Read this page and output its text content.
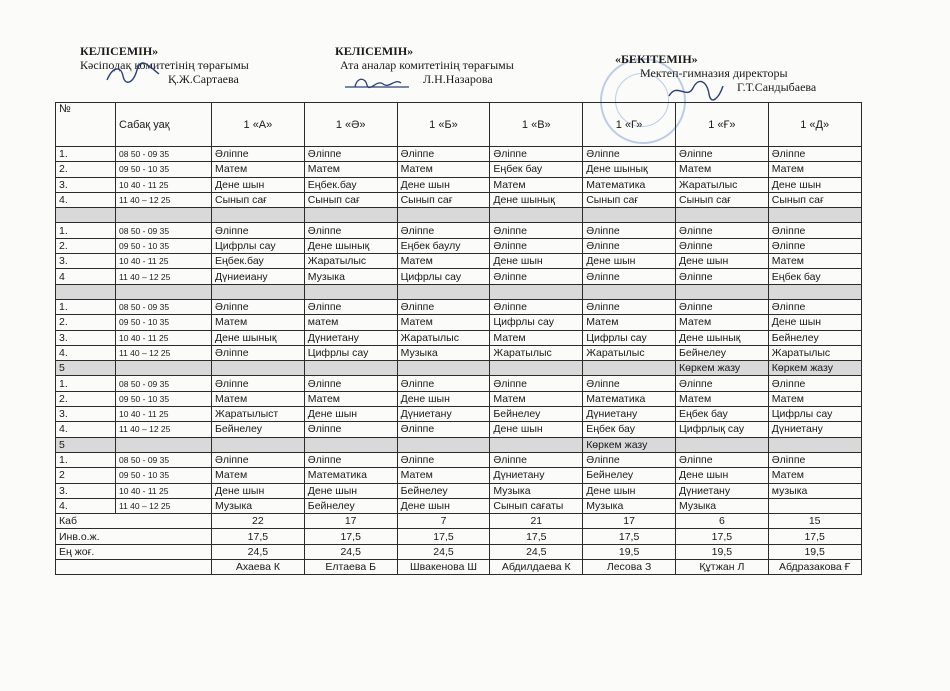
КЕЛІСЕМІН»
Кәсіподақ комитетінің төрағымы
Қ.Ж.Сартаева
КЕЛІСЕМІН»
Ата аналар комитетінің төрағымы
Л.Н.Назарова
«БЕКІТЕМІН»
Мектеп-гимназия директоры
Г.Т.Сандыбаева
№	Сабақ уақ	1 «А»	1 «Ә»	1 «Б»	1 «В»	1 «Г»	1 «Ғ»	1 «Д»
1.	08 50 - 09 35	Әліппе	Әліппе	Әліппе	Әліппе	Әліппе	Әліппе	Әліппе
2.	09 50 - 10 35	Матем	Матем	Матем	Еңбек бау	Дене шынық	Матем	Матем
3.	10 40 - 11 25	Дене шын	Еңбек.бау	Дене шын	Матем	Математика	Жаратылыс	Дене шын
4.	11 40 – 12 25	Сынып сағ	Сынып сағ	Сынып сағ	Дене шынық	Сынып сағ	Сынып сағ	Сынып сағ

1.	08 50 - 09 35	Әліппе	Әліппе	Әліппе	Әліппе	Әліппе	Әліппе	Әліппе
2.	09 50 - 10 35	Цифрлы сау	Дене шынық	Еңбек баулу	Әліппе	Әліппе	Әліппе	Әліппе
3.	10 40 - 11 25	Еңбек.бау	Жаратылыс	Матем	Дене шын	Дене шын	Дене шын	Матем
4	11 40 – 12 25	Дүниеиану	Музыка	Цифрлы сау	Әліппе	Әліппе	Әліппе	Еңбек бау

1.	08 50 - 09 35	Әліппе	Әліппе	Әліппе	Әліппе	Әліппе	Әліппе	Әліппе
2.	09 50 - 10 35	Матем	матем	Матем	Цифрлы сау	Матем	Матем	Дене шын
3.	10 40 - 11 25	Дене шынық	Дүниетану	Жаратылыс	Матем	Цифрлы сау	Дене шынық	Бейнелеу
4.	11 40 – 12 25	Әліппе	Цифрлы сау	Музыка	Жаратылыс	Жаратылыс	Бейнелеу	Жаратылыс
5							Көркем жазу	Көркем жазу
1.	08 50 - 09 35	Әліппе	Әліппе	Әліппе	Әліппе	Әліппе	Әліппе	Әліппе
2.	09 50 - 10 35	Матем	Матем	Дене шын	Матем	Математика	Матем	Матем
3.	10 40 - 11 25	Жаратылыст	Дене шын	Дүниетану	Бейнелеу	Дүниетану	Еңбек бау	Цифрлы сау
4.	11 40 – 12 25	Бейнелеу	Әліппе	Әліппе	Дене шын	Еңбек бау	Цифрлық сау	Дүниетану
5						Көркем жазу		
1.	08 50 - 09 35	Әліппе	Әліппе	Әліппе	Әліппе	Әліппе	Әліппе	Әліппе
2	09 50 - 10 35	Матем	Математика	Матем	Дүниетану	Бейнелеу	Дене шын	Матем
3.	10 40 - 11 25	Дене шын	Дене шын	Бейнелеу	Музыка	Дене шын	Дүниетану	музыка
4.	11 40 – 12 25	Музыка	Бейнелеу	Дене шын	Сынып сағаты	Музыка	Музыка	
Каб		22	17	7	21	17	6	15
Инв.о.ж.		17,5	17,5	17,5	17,5	17,5	17,5	17,5
Ең жоғ.		24,5	24,5	24,5	24,5	19,5	19,5	19,5
		Ахаева К	Елтаева Б	Швакенова Ш	Абдилдаева К	Лесова З	Құтжан Л	Абдразакова Ғ
